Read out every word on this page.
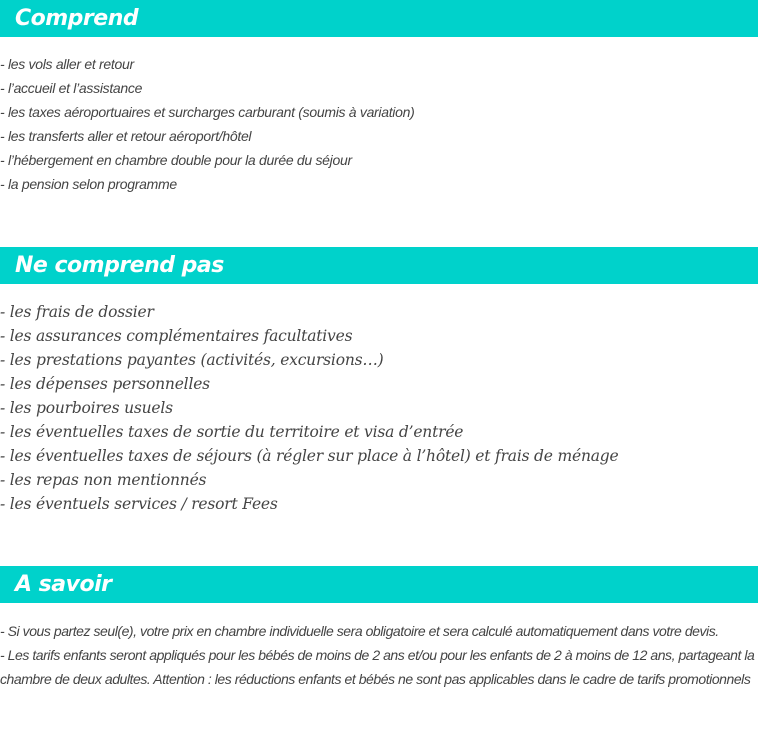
Comprend
- les vols aller et retour
- l’accueil et l’assistance
- les taxes aéroportuaires et surcharges carburant (soumis à variation)
- les transferts aller et retour aéroport/hôtel
- l’hébergement en chambre double pour la durée du séjour
- la pension selon programme
Ne comprend pas
- les frais de dossier
- les assurances complémentaires facultatives
- les prestations payantes (activités, excursions…)
- les dépenses personnelles
- les pourboires usuels
- les éventuelles taxes de sortie du territoire et visa d’entrée
- les éventuelles taxes de séjours (à régler sur place à l’hôtel) et frais de ménage
- les repas non mentionnés
- les éventuels services / resort Fees
A savoir

- Si vous partez seul(e), votre prix en chambre individuelle sera obligatoire et sera calculé automatiquement dans votre devis.

- Les tarifs enfants seront appliqués pour les bébés de moins de 2 ans et/ou pour les enfants de 2 à moins de 12 ans, partageant la chambre de deux adultes. Attention : les réductions enfants et bébés ne sont pas applicables dans le cadre de tarifs promotionnels
